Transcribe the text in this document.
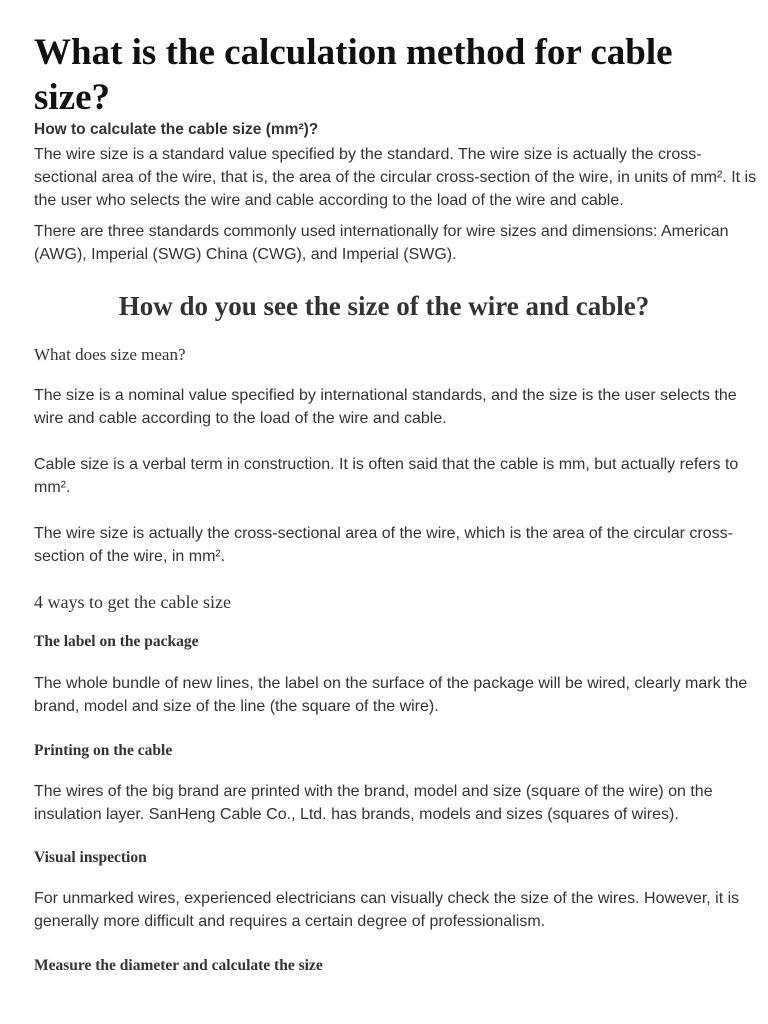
What is the calculation method for cable size?

How to calculate the cable size (mm²)?

The wire size is a standard value specified by the standard. The wire size is actually the cross-sectional area of the wire, that is, the area of the circular cross-section of the wire, in units of mm². It is the user who selects the wire and cable according to the load of the wire and cable.

There are three standards commonly used internationally for wire sizes and dimensions: American (AWG), Imperial (SWG) China (CWG), and Imperial (SWG).

How do you see the size of the wire and cable?

What does size mean?

The size is a nominal value specified by international standards, and the size is the user selects the wire and cable according to the load of the wire and cable.

Cable size is a verbal term in construction. It is often said that the cable is mm, but actually refers to mm².

The wire size is actually the cross-sectional area of the wire, which is the area of the circular cross-section of the wire, in mm².

4 ways to get the cable size

The label on the package

The whole bundle of new lines, the label on the surface of the package will be wired, clearly mark the brand, model and size of the line (the square of the wire).

Printing on the cable

The wires of the big brand are printed with the brand, model and size (square of the wire) on the insulation layer. SanHeng Cable Co., Ltd. has brands, models and sizes (squares of wires).

Visual inspection

For unmarked wires, experienced electricians can visually check the size of the wires. However, it is generally more difficult and requires a certain degree of professionalism.

Measure the diameter and calculate the size
